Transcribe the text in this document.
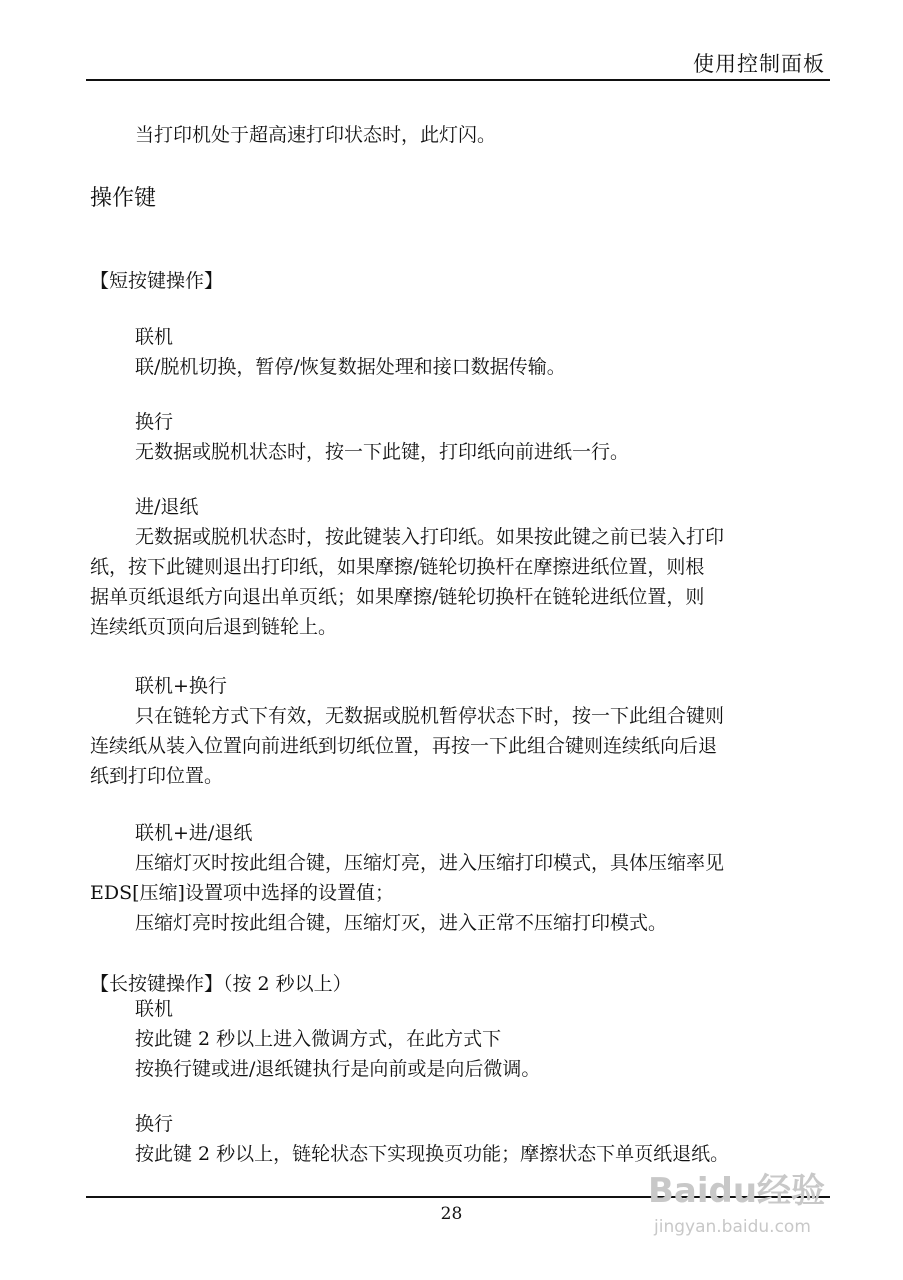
使用控制面板
当打印机处于超高速打印状态时，此灯闪。
操作键
【短按键操作】
联机
联/脱机切换，暂停/恢复数据处理和接口数据传输。
换行
无数据或脱机状态时，按一下此键，打印纸向前进纸一行。
进/退纸
无数据或脱机状态时，按此键装入打印纸。如果按此键之前已装入打印
纸，按下此键则退出打印纸，如果摩擦/链轮切换杆在摩擦进纸位置，则根
据单页纸退纸方向退出单页纸；如果摩擦/链轮切换杆在链轮进纸位置，则
连续纸页顶向后退到链轮上。
联机+换行
只在链轮方式下有效，无数据或脱机暂停状态下时，按一下此组合键则
连续纸从装入位置向前进纸到切纸位置，再按一下此组合键则连续纸向后退
纸到打印位置。
联机+进/退纸
压缩灯灭时按此组合键，压缩灯亮，进入压缩打印模式，具体压缩率见
EDS[压缩]设置项中选择的设置值；
压缩灯亮时按此组合键，压缩灯灭，进入正常不压缩打印模式。
【长按键操作】（按 2 秒以上）
联机
按此键 2 秒以上进入微调方式，在此方式下
按换行键或进/退纸键执行是向前或是向后微调。
换行
按此键 2 秒以上，链轮状态下实现换页功能；摩擦状态下单页纸退纸。
28
Baidu经验
jingyan.baidu.com
